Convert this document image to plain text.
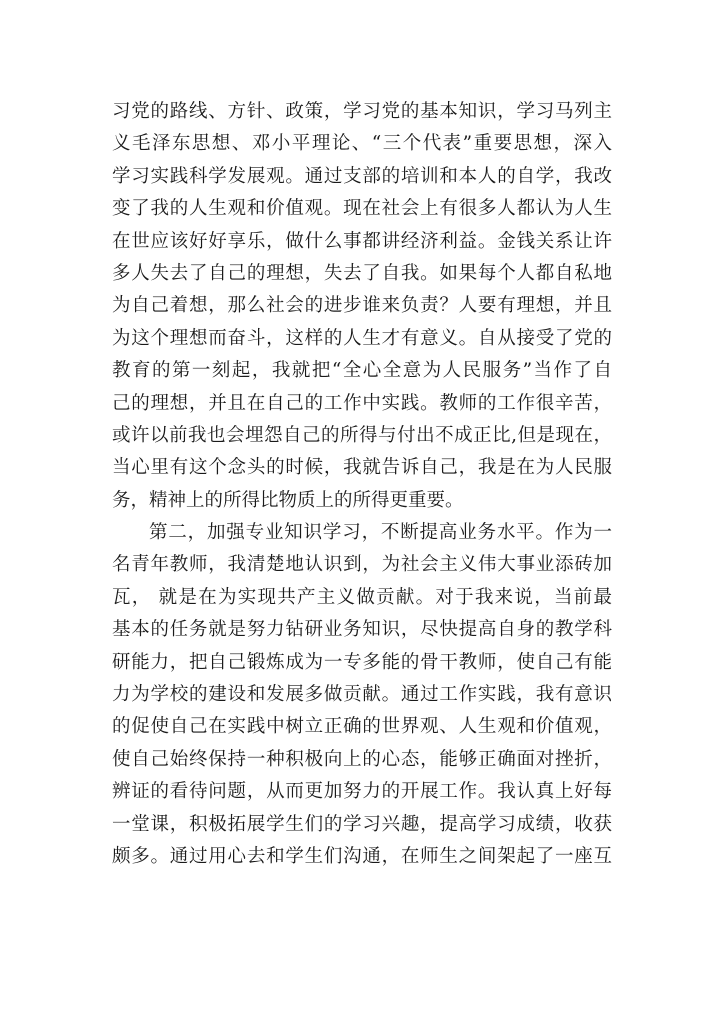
习党的路线、方针、政策，学习党的基本知识，学习马列主
义毛泽东思想、邓小平理论、“三个代表”重要思想，深入
学习实践科学发展观。通过支部的培训和本人的自学，我改
变了我的人生观和价值观。现在社会上有很多人都认为人生
在世应该好好享乐，做什么事都讲经济利益。金钱关系让许
多人失去了自己的理想，失去了自我。如果每个人都自私地
为自己着想，那么社会的进步谁来负责？人要有理想，并且
为这个理想而奋斗，这样的人生才有意义。自从接受了党的
教育的第一刻起，我就把“全心全意为人民服务”当作了自
己的理想，并且在自己的工作中实践。教师的工作很辛苦，
或许以前我也会埋怨自己的所得与付出不成正比,但是现在，
当心里有这个念头的时候，我就告诉自己，我是在为人民服
务，精神上的所得比物质上的所得更重要。
第二，加强专业知识学习，不断提高业务水平。作为一
名青年教师，我清楚地认识到，为社会主义伟大事业添砖加
瓦， 就是在为实现共产主义做贡献。对于我来说，当前最
基本的任务就是努力钻研业务知识，尽快提高自身的教学科
研能力，把自己锻炼成为一专多能的骨干教师，使自己有能
力为学校的建设和发展多做贡献。通过工作实践，我有意识
的促使自己在实践中树立正确的世界观、人生观和价值观，
使自己始终保持一种积极向上的心态，能够正确面对挫折，
辨证的看待问题，从而更加努力的开展工作。我认真上好每
一堂课，积极拓展学生们的学习兴趣，提高学习成绩，收获
颇多。通过用心去和学生们沟通，在师生之间架起了一座互
